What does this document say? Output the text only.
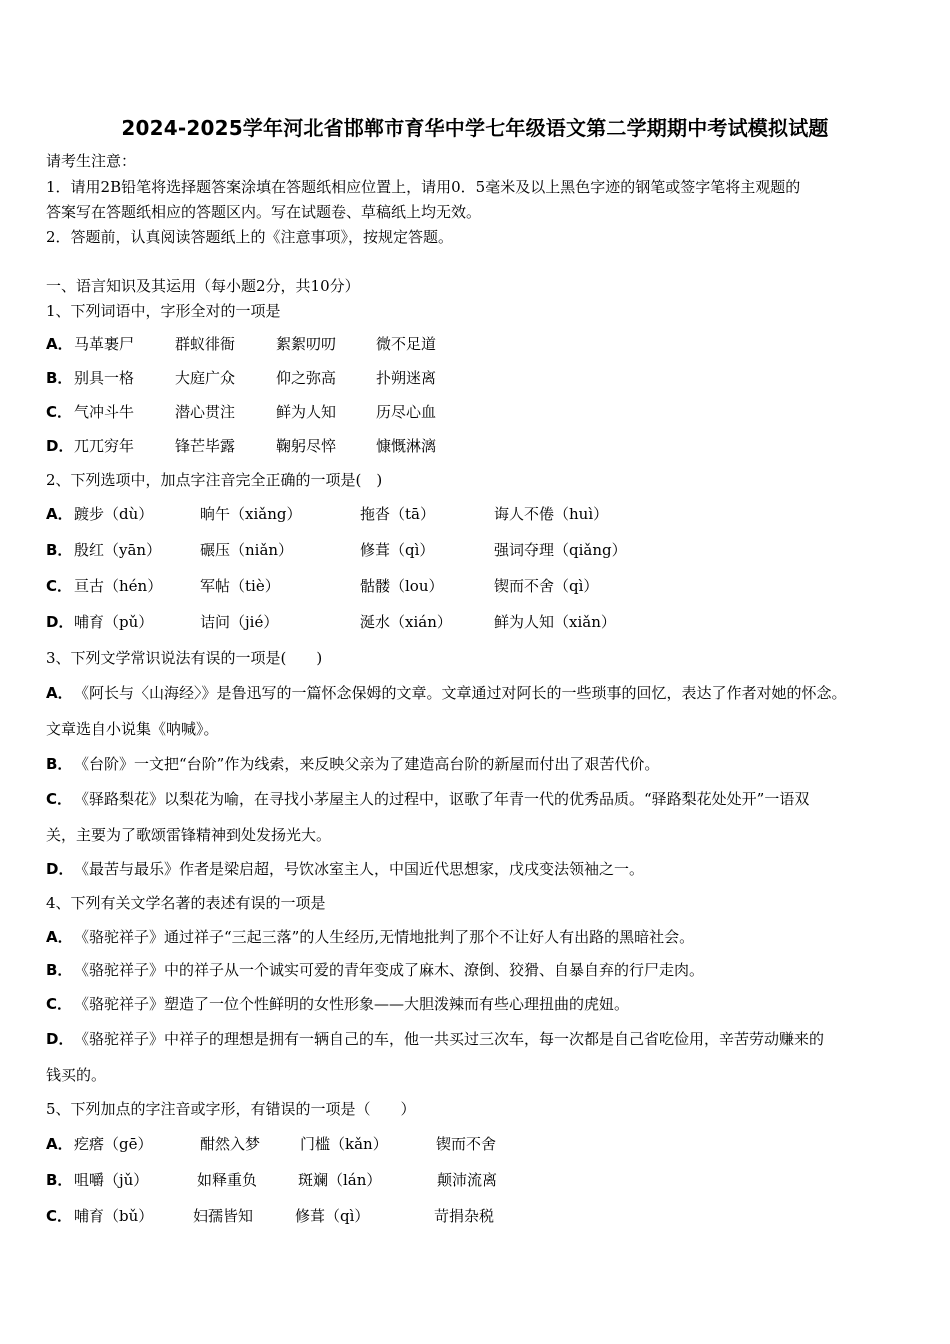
2024-2025学年河北省邯郸市育华中学七年级语文第二学期期中考试模拟试题
请考生注意：
1．请用2B铅笔将选择题答案涂填在答题纸相应位置上，请用0．5毫米及以上黑色字迹的钢笔或签字笔将主观题的
答案写在答题纸相应的答题区内。写在试题卷、草稿纸上均无效。
2．答题前，认真阅读答题纸上的《注意事项》，按规定答题。
一、语言知识及其运用（每小题2分，共10分）
1、下列词语中，字形全对的一项是
A． 马革裹尸	群蚁徘衙	絮絮叨叨	微不足道
B． 别具一格	大庭广众	仰之弥高	扑朔迷离
C． 气冲斗牛	潜心贯注	鲜为人知	历尽心血
D． 兀兀穷年	锋芒毕露	鞠躬尽悴	慷慨淋漓
2、下列选项中，加点字注音完全正确的一项是(　)
A． 踱步（dù）	晌午（xiǎng）	拖沓（tā）	诲人不倦（huì）
B． 殷红（yān）	碾压（niǎn）	修葺（qì）	强词夺理（qiǎng）
C． 亘古（hén）	军帖（tiè）	骷髅（lou）	锲而不舍（qì）
D． 哺育（pǔ）	诘问（jié）	涎水（xián）	鲜为人知（xiǎn）
3、下列文学常识说法有误的一项是(　　)
A． 《阿长与〈山海经〉》是鲁迅写的一篇怀念保姆的文章。文章通过对阿长的一些琐事的回忆，表达了作者对她的怀念。
文章选自小说集《呐喊》。
B． 《台阶》一文把“台阶”作为线索，来反映父亲为了建造高台阶的新屋而付出了艰苦代价。
C． 《驿路梨花》以梨花为喻，在寻找小茅屋主人的过程中，讴歌了年青一代的优秀品质。“驿路梨花处处开”一语双
关，主要为了歌颂雷锋精神到处发扬光大。
D． 《最苦与最乐》作者是梁启超，号饮冰室主人，中国近代思想家，戊戌变法领袖之一。
4、下列有关文学名著的表述有误的一项是
A． 《骆驼祥子》通过祥子“三起三落”的人生经历,无情地批判了那个不让好人有出路的黑暗社会。
B． 《骆驼祥子》中的祥子从一个诚实可爱的青年变成了麻木、潦倒、狡猾、自暴自弃的行尸走肉。
C． 《骆驼祥子》塑造了一位个性鲜明的女性形象——大胆泼辣而有些心理扭曲的虎妞。
D． 《骆驼祥子》中祥子的理想是拥有一辆自己的车，他一共买过三次车，每一次都是自己省吃俭用，辛苦劳动赚来的
钱买的。
5、下列加点的字注音或字形，有错误的一项是（　　）
A． 疙瘩（gē）	酣然入梦	门槛（kǎn）	锲而不舍
B． 咀嚼（jǔ）	如释重负	斑斓（lán）	颠沛流离
C． 哺育（bǔ）	妇孺皆知	修葺（qì）	苛捐杂税
